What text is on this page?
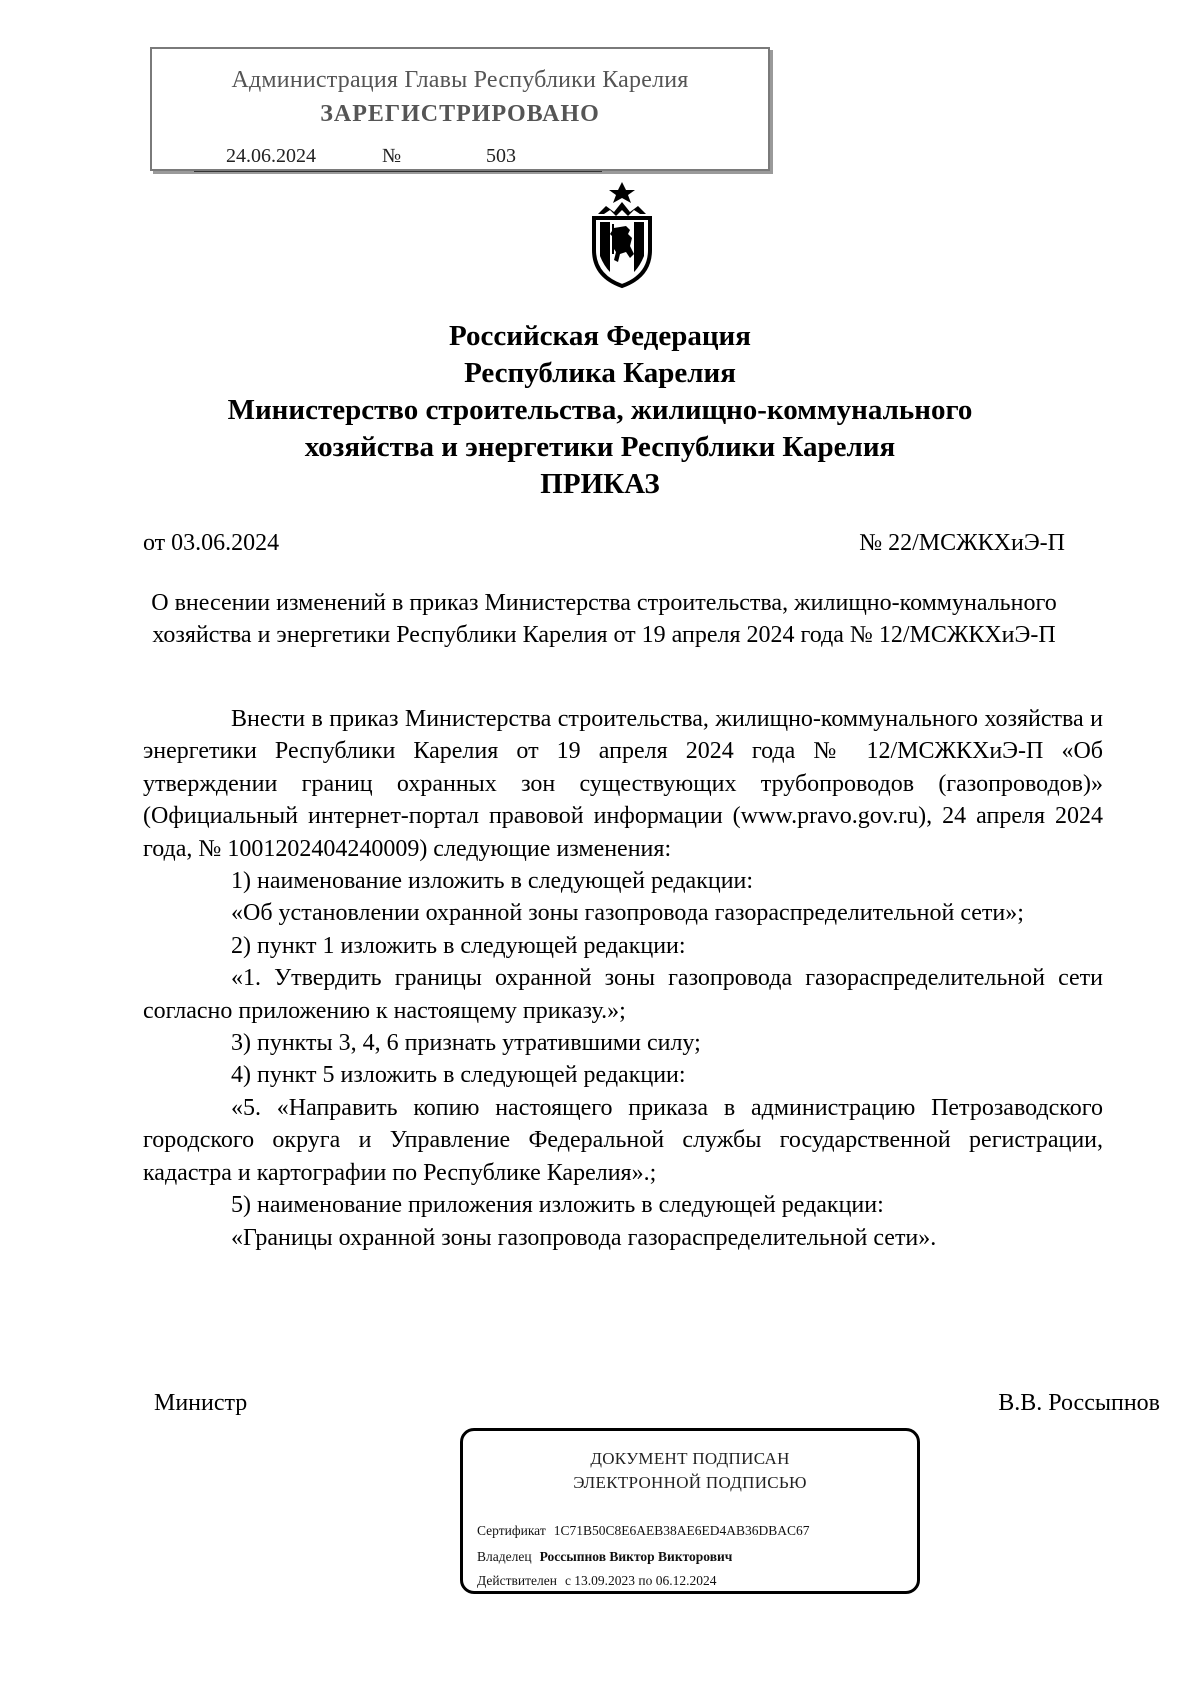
Администрация Главы Республики Карелия
ЗАРЕГИСТРИРОВАНО
24.06.2024	№	503
Российская Федерация
Республика Карелия
Министерство строительства, жилищно-коммунального
хозяйства и энергетики Республики Карелия
ПРИКАЗ
от 03.06.2024	№ 22/МСЖКХиЭ-П
О внесении изменений в приказ Министерства строительства, жилищно-коммунального хозяйства и энергетики Республики Карелия от 19 апреля 2024 года № 12/МСЖКХиЭ-П

Внести в приказ Министерства строительства, жилищно-коммунального хозяйства и энергетики Республики Карелия от 19 апреля 2024 года № 12/МСЖКХиЭ-П «Об утверждении границ охранных зон существующих трубопроводов (газопроводов)» (Официальный интернет-портал правовой информации (www.pravo.gov.ru), 24 апреля 2024 года, № 1001202404240009) следующие изменения:

1) наименование изложить в следующей редакции:

«Об установлении охранной зоны газопровода газораспределительной сети»;

2) пункт 1 изложить в следующей редакции:

«1. Утвердить границы охранной зоны газопровода газораспределительной сети согласно приложению к настоящему приказу.»;

3) пункты 3, 4, 6 признать утратившими силу;

4) пункт 5 изложить в следующей редакции:

«5. «Направить копию настоящего приказа в администрацию Петрозаводского городского округа и Управление Федеральной службы государственной регистрации, кадастра и картографии по Республике Карелия».;

5) наименование приложения изложить в следующей редакции:

«Границы охранной зоны газопровода газораспределительной сети».

Министр	В.В. Россыпнов
ДОКУМЕНТ ПОДПИСАН
ЭЛЕКТРОННОЙ ПОДПИСЬЮ
Сертификат 1C71B50C8E6AEB38AE6ED4AB36DBAC67
Владелец Россыпнов Виктор Викторович
Действителен с 13.09.2023 по 06.12.2024
